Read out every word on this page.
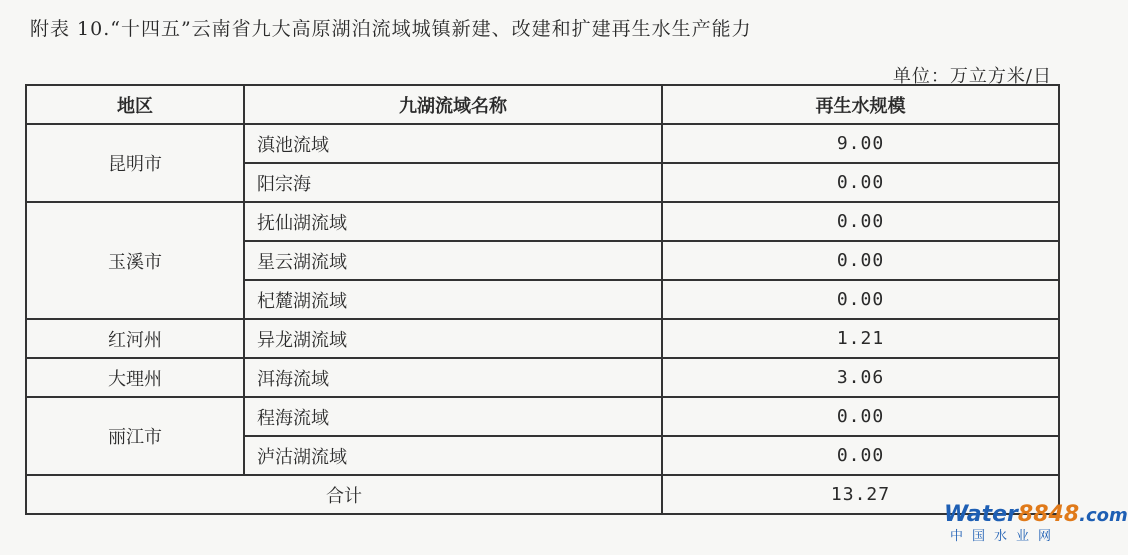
附表 10.“十四五”云南省九大高原湖泊流域城镇新建、改建和扩建再生水生产能力
单位：万立方米/日
地区	九湖流域名称	再生水规模
昆明市	滇池流域	9.00
	阳宗海	0.00
玉溪市	抚仙湖流域	0.00
	星云湖流域	0.00
	杞麓湖流域	0.00
红河州	异龙湖流域	1.21
大理州	洱海流域	3.06
丽江市	程海流域	0.00
	泸沽湖流域	0.00
合计		13.27
Water8848.com
中国水业网
